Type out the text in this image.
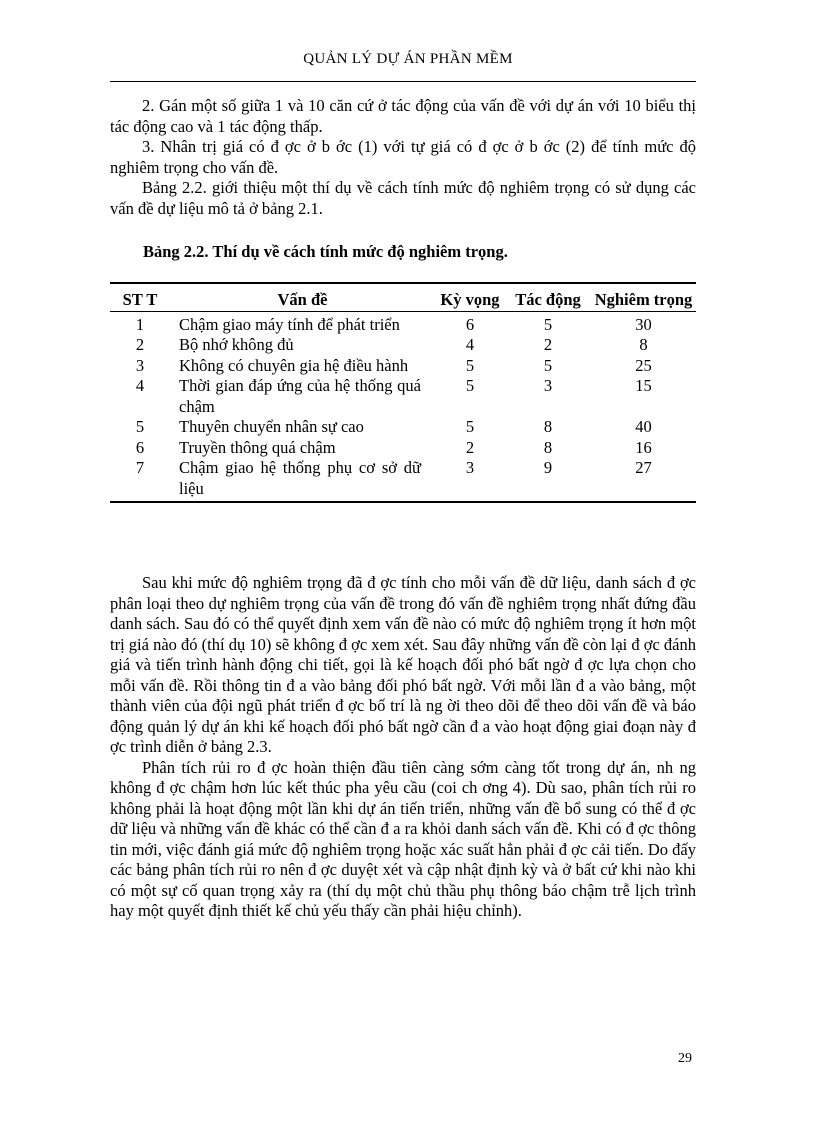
QUẢN LÝ DỰ ÁN PHẦN MỀM

2. Gán một số giữa 1 và 10 căn cứ ở tác động của vấn đề với dự án với 10 biểu thị tác động cao và 1 tác động thấp.

3. Nhân trị giá có đ ợc ở b ớc (1) với tự giá có đ ợc ở b ớc (2) để tính mức độ nghiêm trọng cho vấn đề.

Bảng 2.2. giới thiệu một thí dụ về cách tính mức độ nghiêm trọng có sử dụng các vấn đề dự liệu mô tả ở bảng 2.1.

Bảng 2.2. Thí dụ về cách tính mức độ nghiêm trọng.
ST T	Vấn đề	Kỳ vọng	Tác động	Nghiêm trọng
1	Chậm giao máy tính để phát triển	6	5	30
2	Bộ nhớ không đủ	4	2	8
3	Không có chuyên gia hệ điều hành	5	5	25
4	Thời gian đáp ứng của hệ thống quá chậm	5	3	15
5	Thuyên chuyển nhân sự cao	5	8	40
6	Truyền thông quá chậm	2	8	16
7	Chậm giao hệ thống phụ cơ sở dữ liệu	3	9	27

Sau khi mức độ nghiêm trọng đã đ ợc tính cho mỗi vấn đề dữ liệu, danh sách đ ợc phân loại theo dự nghiêm trọng của vấn đề trong đó vấn đề nghiêm trọng nhất đứng đầu danh sách. Sau đó có thể quyết định xem vấn đề nào có mức độ nghiêm trọng ít hơn một trị giá nào đó (thí dụ 10) sẽ không đ ợc xem xét. Sau đây những vấn đề còn lại đ ợc đánh giá và tiến trình hành động chi tiết, gọi là kế hoạch đối phó bất ngờ đ ợc lựa chọn cho mỗi vấn đề. Rồi thông tin đ a vào bảng đối phó bất ngờ. Với mỗi lần đ a vào bảng, một thành viên của đội ngũ phát triển đ ợc bố trí là ng ời theo dõi để theo dõi vấn đề và báo động quản lý dự án khi kế hoạch đối phó bất ngờ cần đ a vào hoạt động giai đoạn này đ ợc trình diễn ở bảng 2.3.

Phân tích rủi ro đ ợc hoàn thiện đầu tiên càng sớm càng tốt trong dự án, nh ng không đ ợc chậm hơn lúc kết thúc pha yêu cầu (coi ch ơng 4). Dù sao, phân tích rủi ro không phải là hoạt động một lần khi dự án tiến triển, những vấn đề bổ sung có thể đ ợc dữ liệu và những vấn đề khác có thể cần đ a ra khỏi danh sách vấn đề. Khi có đ ợc thông tin mới, việc đánh giá mức độ nghiêm trọng hoặc xác suất hẳn phải đ ợc cải tiến. Do đấy các bảng phân tích rủi ro nên đ ợc duyệt xét và cập nhật định kỳ và ở bất cứ khi nào khi có một sự cố quan trọng xảy ra (thí dụ một chủ thầu phụ thông báo chậm trễ lịch trình hay một quyết định thiết kế chủ yếu thấy cần phải hiệu chỉnh).

29
